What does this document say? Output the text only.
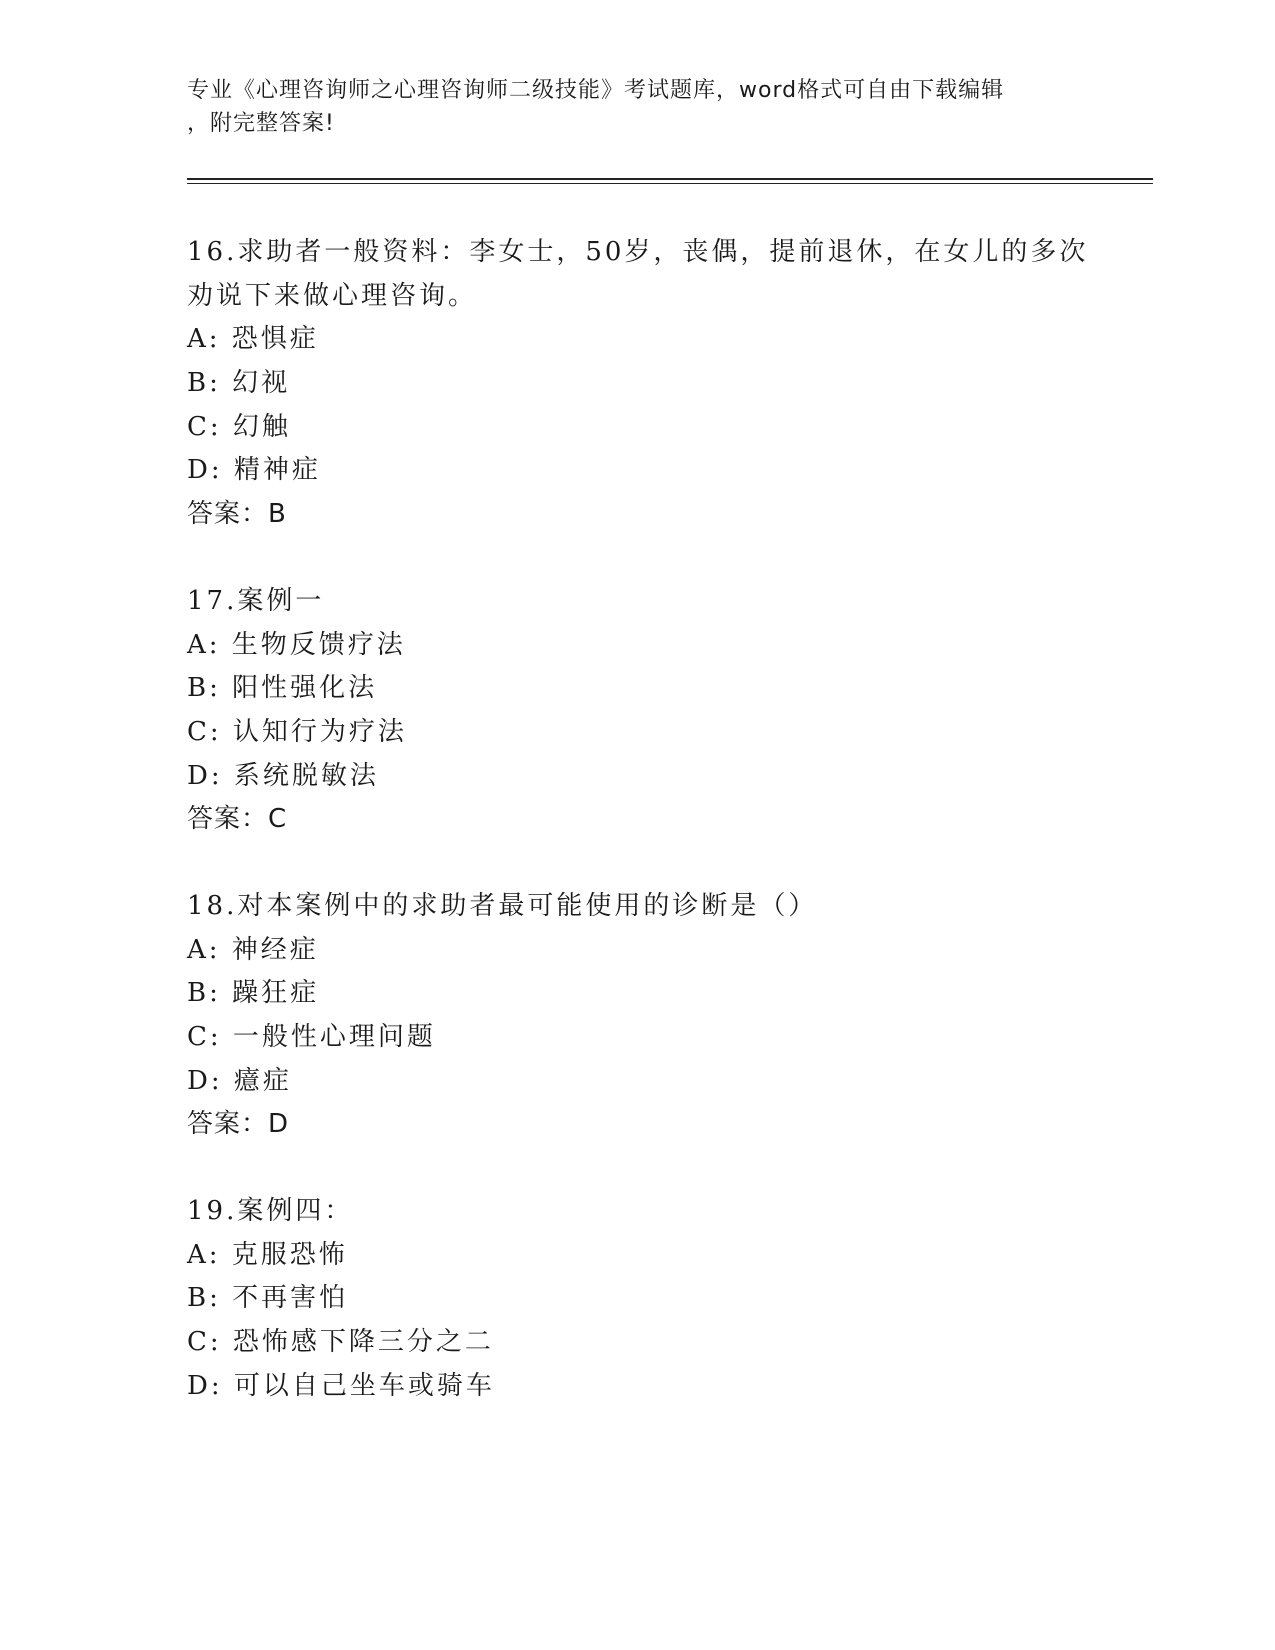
专业《心理咨询师之心理咨询师二级技能》考试题库，word格式可自由下载编辑
，附完整答案!
16.求助者一般资料：李女士，50岁，丧偶，提前退休，在女儿的多次
劝说下来做心理咨询。
A: 恐惧症
B: 幻视
C: 幻触
D: 精神症
答案：B
17.案例一
A: 生物反馈疗法
B: 阳性强化法
C: 认知行为疗法
D: 系统脱敏法
答案：C
18.对本案例中的求助者最可能使用的诊断是（）
A: 神经症
B: 躁狂症
C: 一般性心理问题
D: 癔症
答案：D
19.案例四：
A: 克服恐怖
B: 不再害怕
C: 恐怖感下降三分之二
D: 可以自己坐车或骑车
